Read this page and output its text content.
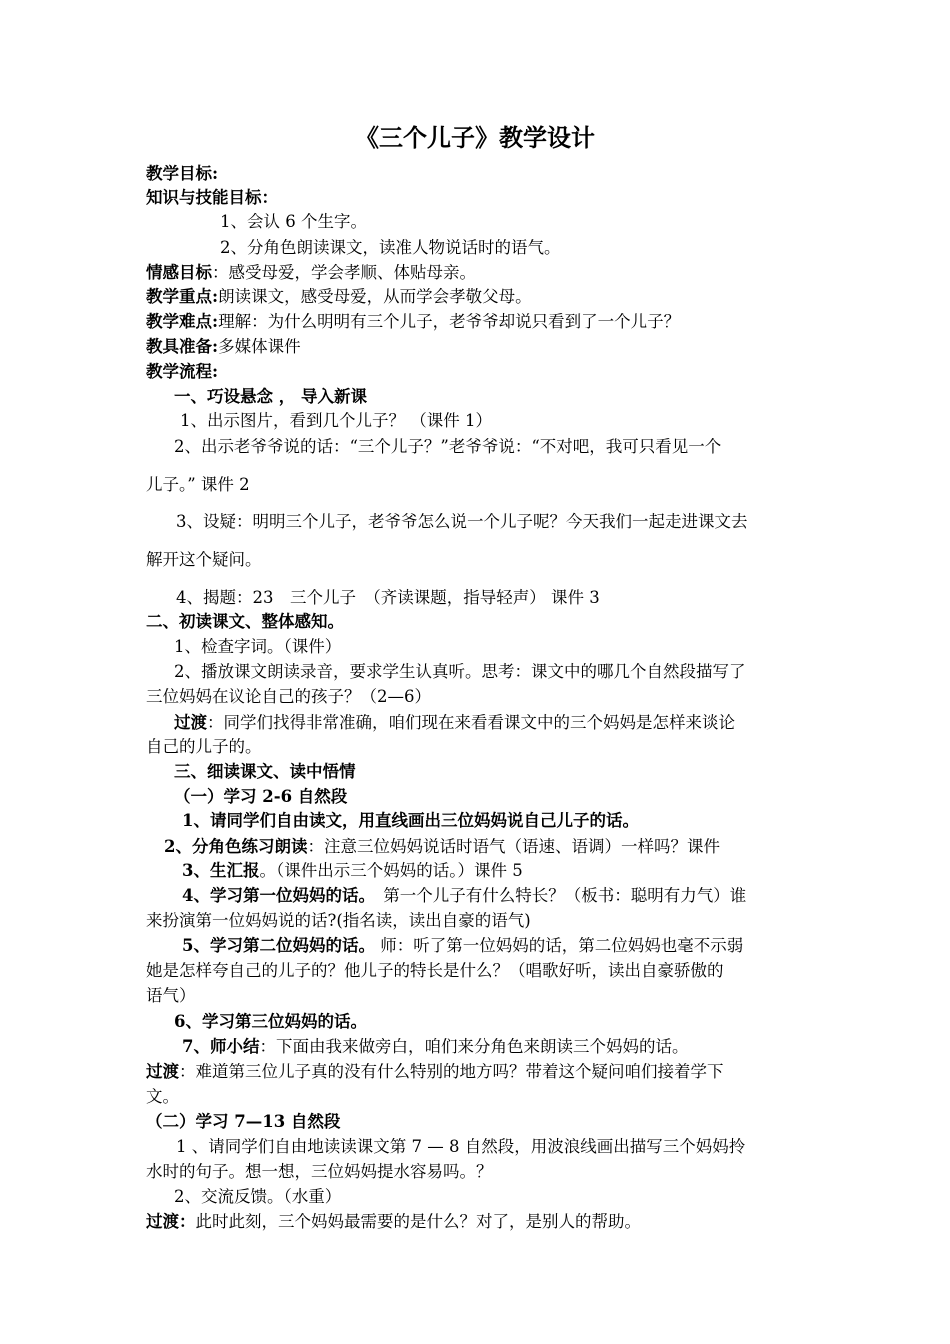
《三个儿子》教学设计
教学目标:
知识与技能目标：
1、会认 6 个生字。
2、分角色朗读课文，读准人物说话时的语气。
情感目标：感受母爱，学会孝顺、体贴母亲。
教学重点:朗读课文，感受母爱，从而学会孝敬父母。
教学难点:理解：为什么明明有三个儿子，老爷爷却说只看到了一个儿子？
教具准备:多媒体课件
教学流程:
一、巧设悬念 ， 导入新课
1、出示图片，看到几个儿子？ （课件 1）
2、出示老爷爷说的话：“三个儿子？”老爷爷说：“不对吧，我可只看见一个
儿子。” 课件 2
3、设疑：明明三个儿子，老爷爷怎么说一个儿子呢？今天我们一起走进课文去
解开这个疑问。
4、揭题：23　三个儿子　（齐读课题，指导轻声） 课件 3
二、初读课文、整体感知。
1、检查字词。（课件）
2、播放课文朗读录音，要求学生认真听。思考：课文中的哪几个自然段描写了
三位妈妈在议论自己的孩子？（2—6）
过渡：同学们找得非常准确，咱们现在来看看课文中的三个妈妈是怎样来谈论
自己的儿子的。
三、细读课文、读中悟情
（一）学习 2-6 自然段
1、请同学们自由读文，用直线画出三位妈妈说自己儿子的话。
2、分角色练习朗读：注意三位妈妈说话时语气（语速、语调）一样吗？课件
3、生汇报。（课件出示三个妈妈的话。）课件 5
4、学习第一位妈妈的话。　第一个儿子有什么特长？（板书：聪明有力气）谁
来扮演第一位妈妈说的话?(指名读，读出自豪的语气)
5、学习第二位妈妈的话。 师：听了第一位妈妈的话，第二位妈妈也毫不示弱
她是怎样夸自己的儿子的？他儿子的特长是什么？（唱歌好听，读出自豪骄傲的
语气）
6、学习第三位妈妈的话。
7、师小结：下面由我来做旁白，咱们来分角色来朗读三个妈妈的话。
过渡：难道第三位儿子真的没有什么特别的地方吗？带着这个疑问咱们接着学下
文。
（二）学习 7—13 自然段
1 、请同学们自由地读读课文第 7 — 8 自然段，用波浪线画出描写三个妈妈拎
水时的句子。想一想，三位妈妈提水容易吗。？
2、交流反馈。（水重）
过渡：此时此刻，三个妈妈最需要的是什么？对了，是别人的帮助。
